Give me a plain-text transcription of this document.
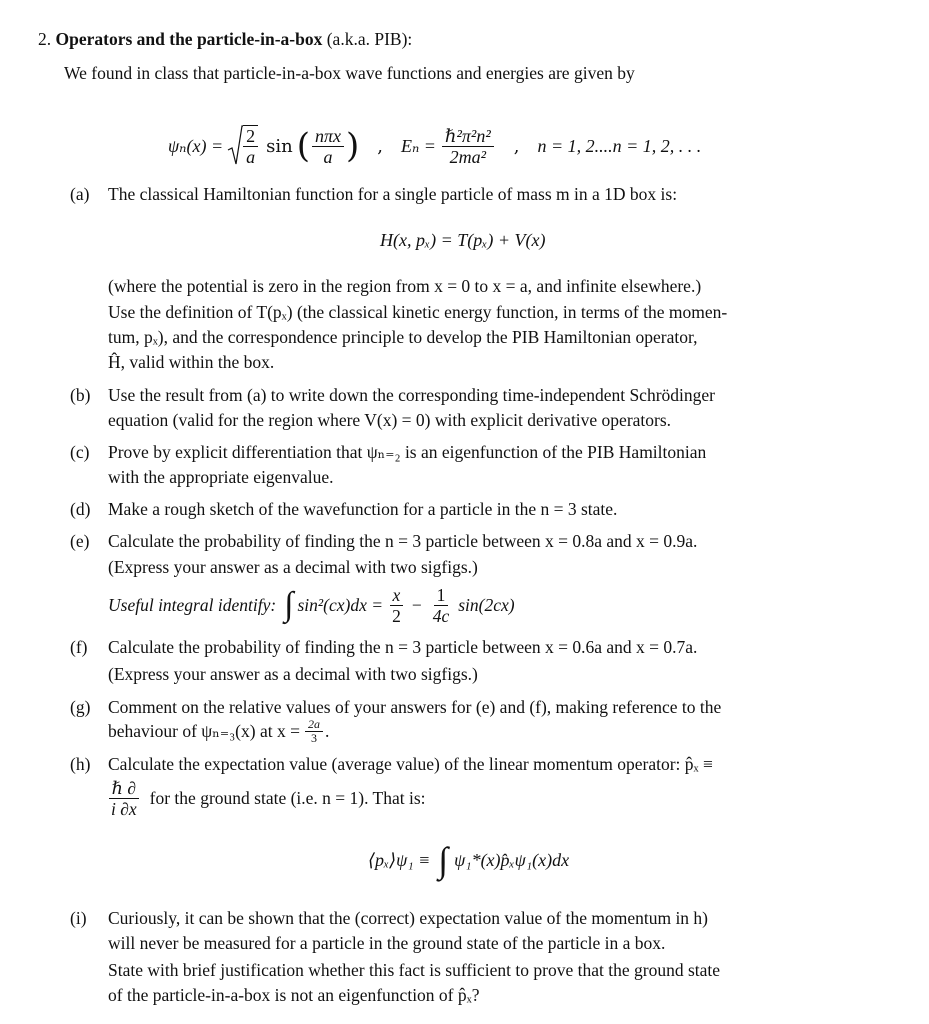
2. Operators and the particle-in-a-box (a.k.a. PIB):
We found in class that particle-in-a-box wave functions and energies are given by
$\psi_n(x) = \frac{2}{a}$ sin ( $\frac{\text{nπx}}{a}$ ) , $E_n = \frac{\text{ℏ²π²n²}}{\text{2ma²}}$ , n = 1, 2....n = 1, 2, . . .
(a) The classical Hamiltonian function for a single particle of mass m in a 1D box is:
H(x, pₓ) = T(pₓ) + V(x)
(where the potential is zero in the region from x = 0 to x = a, and infinite elsewhere.)
Use the definition of T(pₓ) (the classical kinetic energy function, in terms of the momen-
tum, pₓ), and the correspondence principle to develop the PIB Hamiltonian operator,
Ĥ, valid within the box.
(b) Use the result from (a) to write down the corresponding time-independent Schrödinger
equation (valid for the region where V(x) = 0) with explicit derivative operators.
(c) Prove by explicit differentiation that ψₙ₌₂ is an eigenfunction of the PIB Hamiltonian
with the appropriate eigenvalue.
(d) Make a rough sketch of the wavefunction for a particle in the n = 3 state.
(e) Calculate the probability of finding the n = 3 particle between x = 0.8a and x = 0.9a.
(Express your answer as a decimal with two sigfigs.)
Useful integral identify: ∫ $\sin^2(cx)dx = \frac{x}{2} - \frac{1}{4c} \sin(2cx)$
(f) Calculate the probability of finding the n = 3 particle between x = 0.6a and x = 0.7a.
(Express your answer as a decimal with two sigfigs.)
(g) Comment on the relative values of your answers for (e) and (f), making reference to the
behaviour of ψₙ₌₃(x) at $x = \frac{2a}{3}$ .
(h) Calculate the expectation value (average value) of the linear momentum operator: p̂ₓ ≡
$\frac{\text{ℏ ∂}}{i \partial x}$ for the ground state (i.e. n = 1). That is:
⟨pₓ⟩ψ₁ ≡ ∫ ψ₁*(x)p̂ₓψ₁(x)dx
(i) Curiously, it can be shown that the (correct) expectation value of the momentum in h)
will never be measured for a particle in the ground state of the particle in a box.
State with brief justification whether this fact is sufficient to prove that the ground state
of the particle-in-a-box is not an eigenfunction of p̂ₓ?
